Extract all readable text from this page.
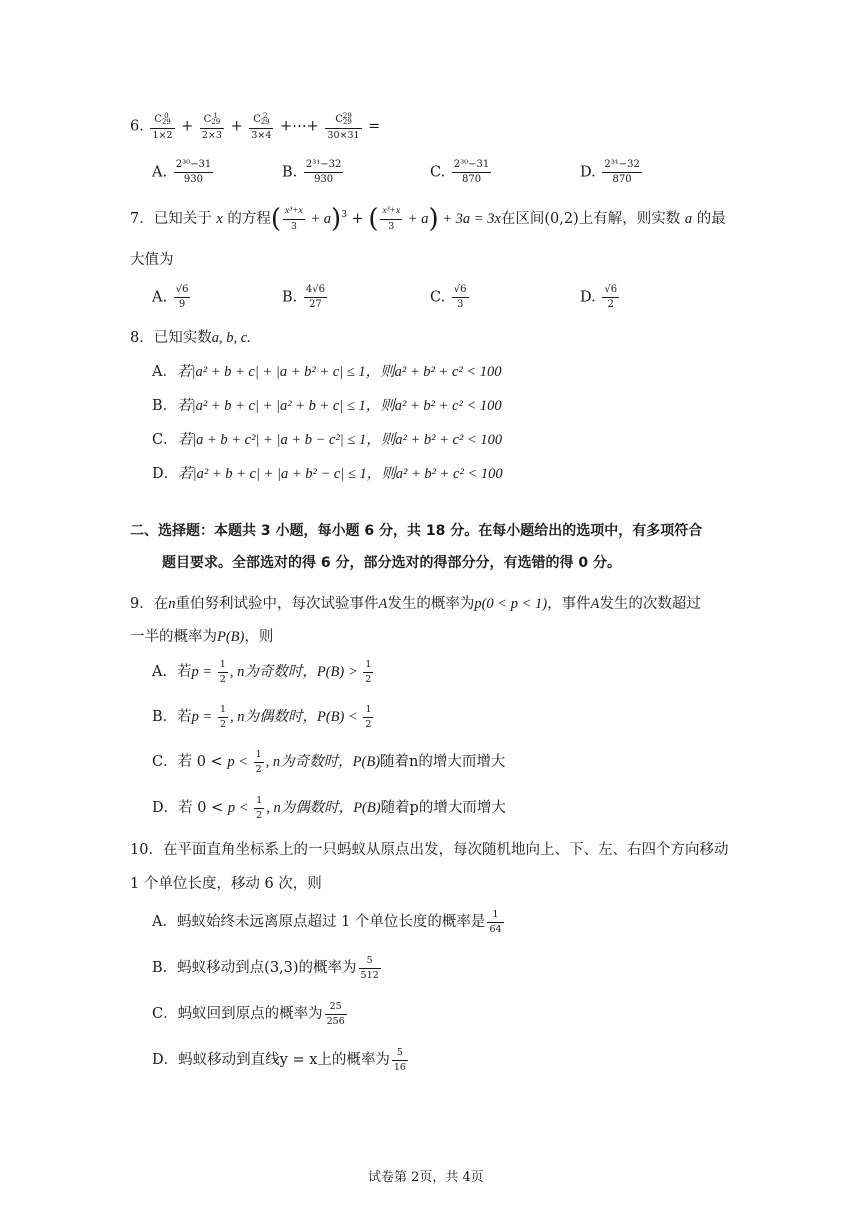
6. C 0
29
1×2 + C 1
29
2×3 + C 2
29
3×4 +⋯+ C 29
29
30×31 =
A. $\frac{\text{2³⁰−31}}{930}$	B. $\frac{\text{2³¹−32}}{930}$	C. $\frac{\text{2³⁰−31}}{870}$	D. $\frac{\text{2³¹−32}}{870}$
7．已知关于 x 的方程( $\frac{\text{x³+x}}{3} + a)^3$ + ( $\frac{\text{x³+x}}{3} + a) + 3a = 3x$在区间(0,2)上有解，则实数 a 的最
大值为
A. $\frac{√6}{9}$	B. $\frac{4√6}{27}$	C. $\frac{√6}{3}$	D. $\frac{√6}{2}$
8．已知实数a, b, c.
A．若|a² + b + c| + |a + b² + c| ≤ 1，则a² + b² + c² < 100
B．若|a² + b + c| + |a² + b + c| ≤ 1，则a² + b² + c² < 100
C．若|a + b + c²| + |a + b − c²| ≤ 1，则a² + b² + c² < 100
D．若|a² + b + c| + |a + b² − c| ≤ 1，则a² + b² + c² < 100
二、选择题：本题共 3 小题，每小题 6 分，共 18 分。在每小题给出的选项中，有多项符合
题目要求。全部选对的得 6 分，部分选对的得部分分，有选错的得 0 分。
9．在n重伯努利试验中，每次试验事件A发生的概率为p(0 < p < 1)，事件A发生的次数超过
一半的概率为P(B)，则
A．若$p = \frac{1}{2}$ , n为奇数时，$P(B) > \frac{1}{2}$
B．若$p = \frac{1}{2}$ , n为偶数时，$P(B) < \frac{1}{2}$
C．若 $0 < p < \frac{1}{2}$ , n为奇数时，P(B)随着n的增大而增大
D．若 $0 < p < \frac{1}{2}$ , n为偶数时，P(B)随着p的增大而增大
10．在平面直角坐标系上的一只蚂蚁从原点出发，每次随机地向上、下、左、右四个方向移动
1 个单位长度，移动 6 次，则
A．蚂蚁始终未远离原点超过 1 个单位长度的概率是 $\frac{1}{64}$
B．蚂蚁移动到点(3,3)的概率为 $\frac{5}{512}$
C．蚂蚁回到原点的概率为 $\frac{25}{256}$
D．蚂蚁移动到直线y = x上的概率为 $\frac{5}{16}$
试卷第 2页，共 4页
